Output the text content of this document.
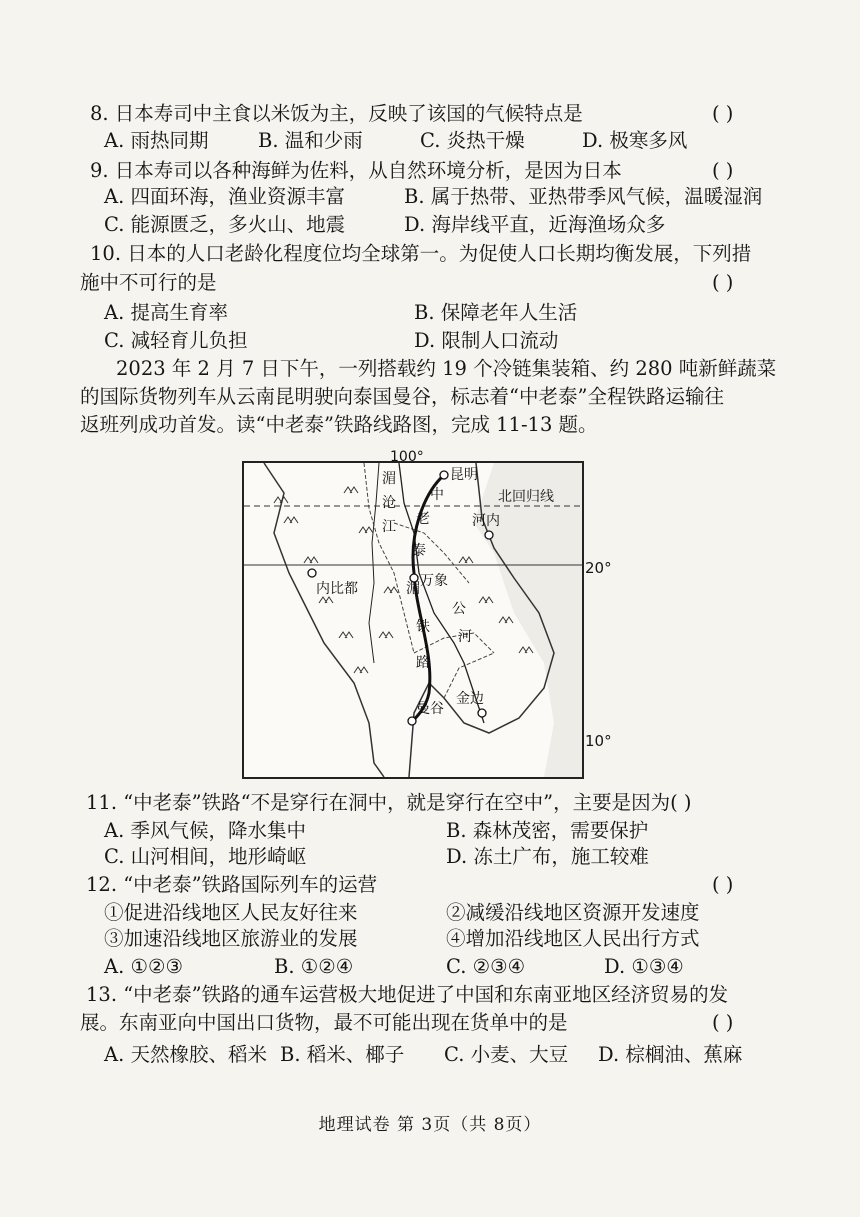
8. 日本寿司中主食以米饭为主，反映了该国的气候特点是	( )
A. 雨热同期	B. 温和少雨	C. 炎热干燥	D. 极寒多风
9. 日本寿司以各种海鲜为佐料，从自然环境分析，是因为日本	( )
A. 四面环海，渔业资源丰富	B. 属于热带、亚热带季风气候，温暖湿润
C. 能源匮乏，多火山、地震	D. 海岸线平直，近海渔场众多
10. 日本的人口老龄化程度位均全球第一。为促使人口长期均衡发展，下列措
施中不可行的是	( )
A. 提高生育率	B. 保障老年人生活
C. 减轻育儿负担	D. 限制人口流动
2023 年 2 月 7 日下午，一列搭载约 19 个冷链集装箱、约 280 吨新鲜蔬菜
的国际货物列车从云南昆明驶向泰国曼谷，标志着“中老泰”全程铁路运输往
返班列成功首发。读“中老泰”铁路线路图，完成 11-13 题。
100°
昆明
中	北回归线
老	河内
泰
内比都	湄 万象
公
铁
河
路
曼谷
金边
湄
沧
江
20°
10°
11. “中老泰”铁路“不是穿行在洞中，就是穿行在空中”，主要是因为( )
A. 季风气候，降水集中	B. 森林茂密，需要保护
C. 山河相间，地形崎岖	D. 冻土广布，施工较难
12. “中老泰”铁路国际列车的运营	( )
①促进沿线地区人民友好往来	②减缓沿线地区资源开发速度
③加速沿线地区旅游业的发展	④增加沿线地区人民出行方式
A. ①②③	B. ①②④	C. ②③④	D. ①③④
13. “中老泰”铁路的通车运营极大地促进了中国和东南亚地区经济贸易的发
展。东南亚向中国出口货物，最不可能出现在货单中的是	( )
A. 天然橡胶、稻米 B. 稻米、椰子 C. 小麦、大豆 D. 棕榈油、蕉麻
地理试卷 第 3页（共 8页）
